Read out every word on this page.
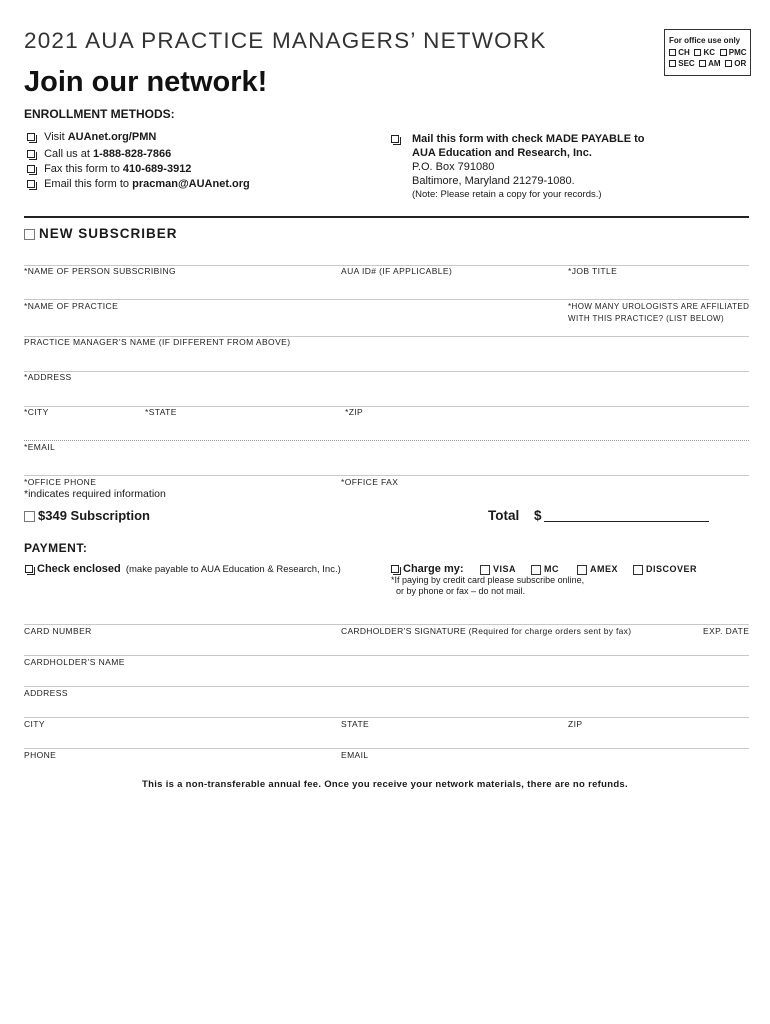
2021 AUA PRACTICE MANAGERS’ NETWORK	For office use only
CH KC PMC
SEC AM OR
Join our network!
ENROLLMENT METHODS:
Visit AUAnet.org/PMN
Call us at 1-888-828-7866
Fax this form to 410-689-3912
Email this form to pracman@AUAnet.org
Mail this form with check MADE PAYABLE to
AUA Education and Research, Inc.
P.O. Box 791080
Baltimore, Maryland 21279-1080.
(Note: Please retain a copy for your records.)
NEW SUBSCRIBER
*NAME OF PERSON SUBSCRIBING	AUA ID# (IF APPLICABLE)	*JOB TITLE
*NAME OF PRACTICE	*HOW MANY UROLOGISTS ARE AFFILIATED
WITH THIS PRACTICE? (LIST BELOW)
PRACTICE MANAGER’S NAME (IF DIFFERENT FROM ABOVE)
*ADDRESS
*CITY	*STATE	*ZIP
*EMAIL
*OFFICE PHONE	*OFFICE FAX
*indicates required information
$349 Subscription	Total $
PAYMENT:
Check enclosed (make payable to AUA Education & Research, Inc.)	Charge my:	VISA	MC	AMEX	DISCOVER
*If paying by credit card please subscribe online,
or by phone or fax – do not mail.
CARD NUMBER	CARDHOLDER’S SIGNATURE (Required for charge orders sent by fax)	EXP. DATE
CARDHOLDER’S NAME
ADDRESS
CITY	STATE	ZIP
PHONE	EMAIL
This is a non-transferable annual fee. Once you receive your network materials, there are no refunds.
